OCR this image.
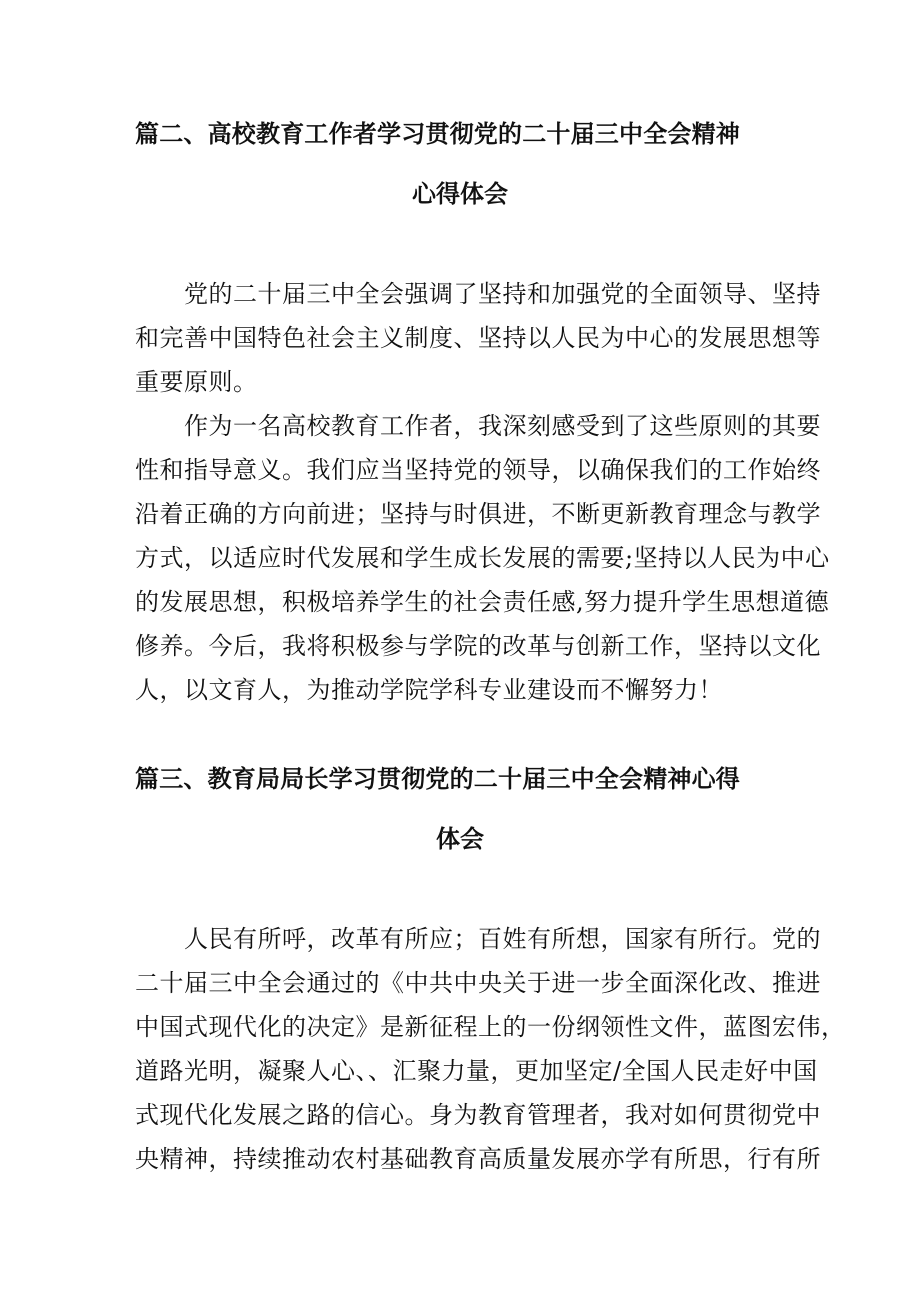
篇二、高校教育工作者学习贯彻党的二十届三中全会精神
心得体会
　　党的二十届三中全会强调了坚持和加强党的全面领导、坚持
和完善中国特色社会主义制度、坚持以人民为中心的发展思想等
重要原则。
　　作为一名高校教育工作者，我深刻感受到了这些原则的其要
性和指导意义。我们应当坚持党的领导，以确保我们的工作始终
沿着正确的方向前进；坚持与时俱进，不断更新教育理念与教学
方式，以适应时代发展和学生成长发展的需要;坚持以人民为中心
的发展思想，积极培养学生的社会责任感,努力提升学生思想道德
修养。今后，我将积极参与学院的改革与创新工作，坚持以文化
人，以文育人，为推动学院学科专业建设而不懈努力！
篇三、教育局局长学习贯彻党的二十届三中全会精神心得
体会
　　人民有所呼，改革有所应；百姓有所想，国家有所行。党的
二十届三中全会通过的《中共中央关于进一步全面深化改、推进
中国式现代化的决定》是新征程上的一份纲领性文件，蓝图宏伟，
道路光明，凝聚人心、、汇聚力量，更加坚定/全国人民走好中国
式现代化发展之路的信心。身为教育管理者，我对如何贯彻党中
央精神，持续推动农村基础教育高质量发展亦学有所思，行有所
